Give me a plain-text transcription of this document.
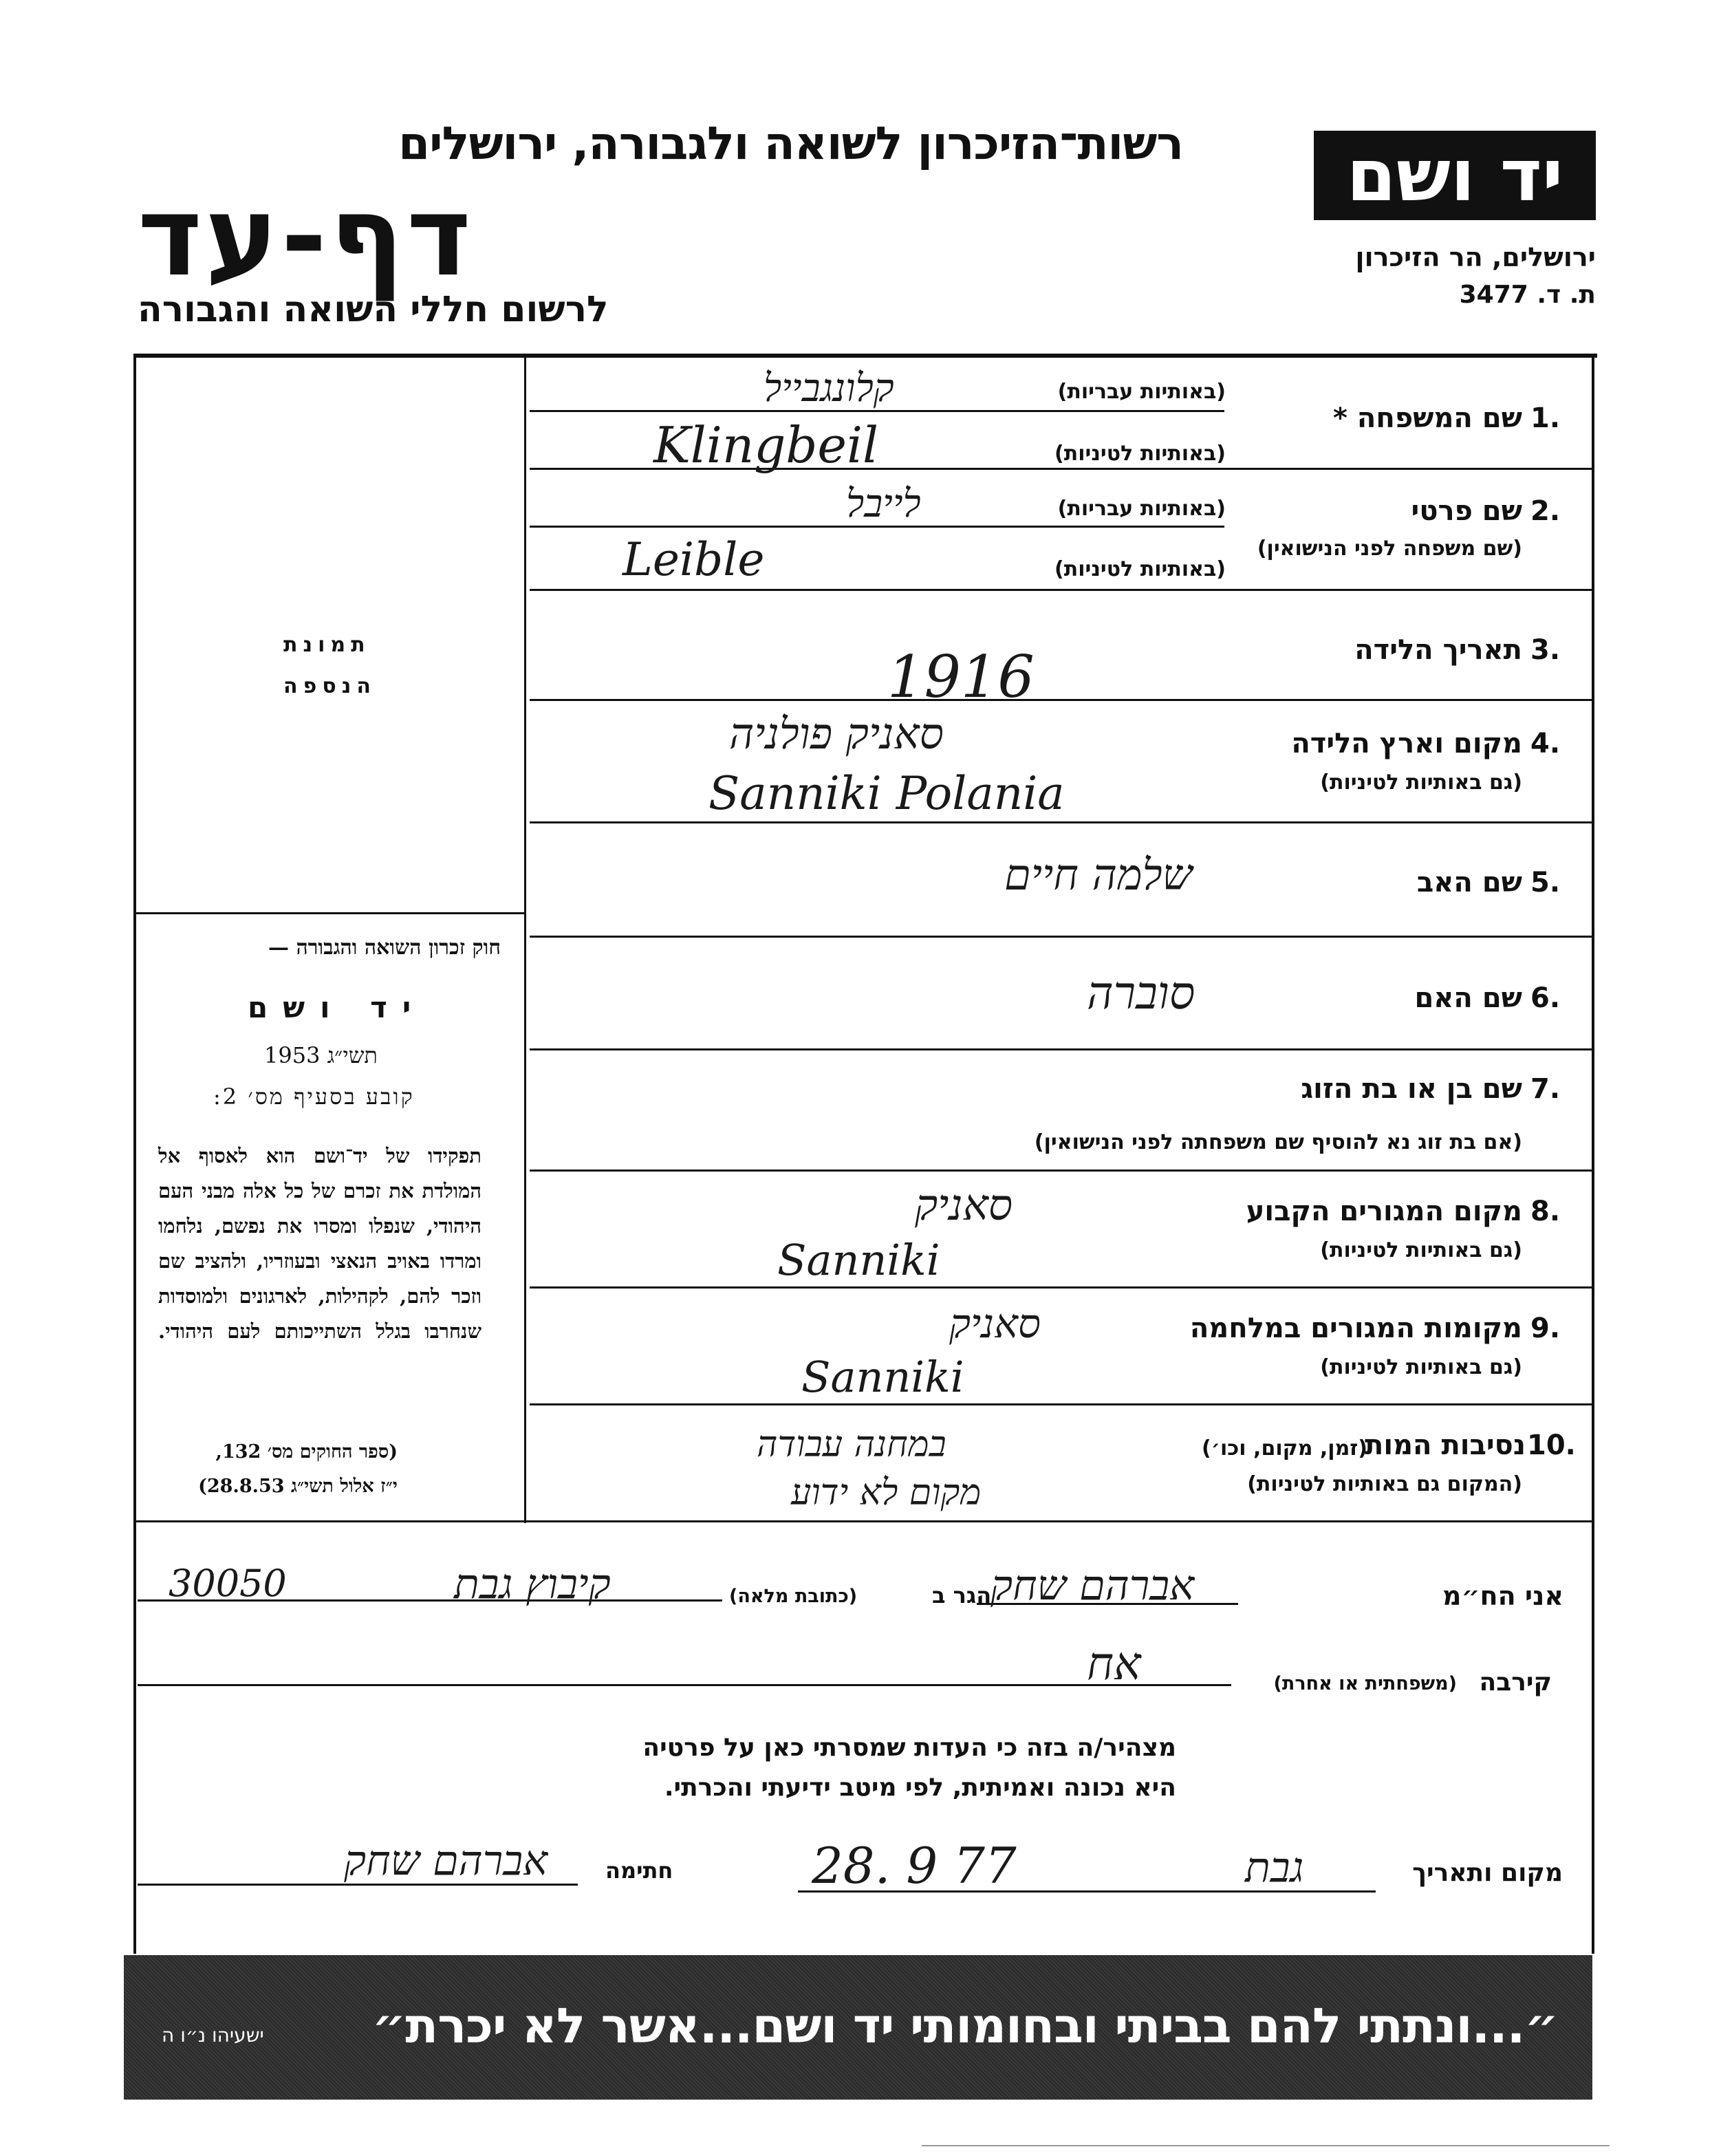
רשות־הזיכרון לשואה ולגבורה, ירושלים
דף-עד
לרשום חללי השואה והגבורה
יד ושם
ירושלים, הר הזיכרון
ת. ד. 3477
תמונת
הנספה
חוק זכרון השואה והגבורה —
יד ושם
תשי״ג 1953
קובע בסעיף מס׳ 2:
תפקידו של יד־ושם הוא לאסוף אל המולדת את זכרם של כל אלה מבני העם היהודי, שנפלו ומסרו את נפשם, נלחמו ומרדו באויב הנאצי ובעוזריו, ולהציב שם וזכר להם, לקהילות, לארגונים ולמוסדות שנחרבו בגלל השתייכותם לעם היהודי.
(ספר החוקים מס׳ 132,
י״ז אלול תשי״ג 28.8.53)
1.
שם המשפחה *
(באותיות עבריות)
(באותיות לטיניות)
קלונגבייל
Klingbeil
2.
שם פרטי
(שם משפחה לפני הנישואין)
(באותיות עבריות)
(באותיות לטיניות)
לייבל
Leible
3.
תאריך הלידה
1916
4.
מקום וארץ הלידה
(גם באותיות לטיניות)
סאניק פולניה
Sanniki Polania
5.
שם האב
שלמה חיים
6.
שם האם
סוברה
7.
שם בן או בת הזוג
(אם בת זוג נא להוסיף שם משפחתה לפני הנישואין)
8.
מקום המגורים הקבוע
(גם באותיות לטיניות)
סאניק
Sanniki
9.
מקומות המגורים במלחמה
(גם באותיות לטיניות)
סאניק
Sanniki
10.
נסיבות המות
(זמן, מקום, וכו׳)
(המקום גם באותיות לטיניות)
במחנה עבודה
מקום לא ידוע
אני הח״מ
אברהם שחק
הגר ב
(כתובת מלאה)
קיבוץ גבת
30050
קירבה
(משפחתית או אחרת)
אח
מצהיר/ה בזה כי העדות שמסרתי כאן על פרטיה
היא נכונה ואמיתית, לפי מיטב ידיעתי והכרתי.
מקום ותאריך
גבת
28. 9 77
חתימה
אברהם שחק
״...ונתתי להם בביתי ובחומותי יד ושם...אשר לא יכרת״
ישעיהו נ״ו ה
